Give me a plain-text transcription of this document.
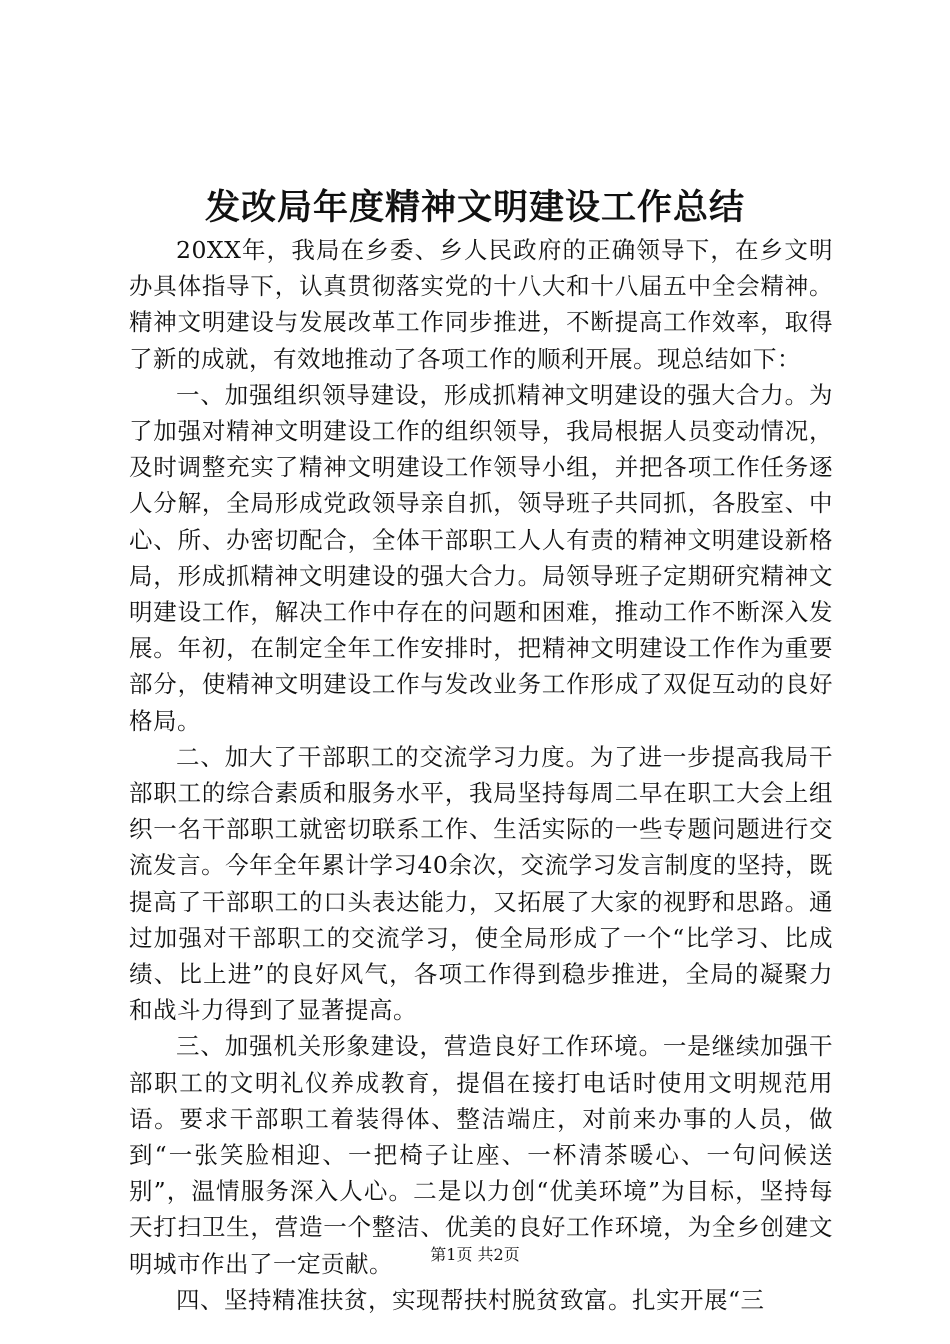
发改局年度精神文明建设工作总结

20XX年，我局在乡委、乡人民政府的正确领导下，在乡文明办具体指导下，认真贯彻落实党的十八大和十八届五中全会精神。精神文明建设与发展改革工作同步推进，不断提高工作效率，取得了新的成就，有效地推动了各项工作的顺利开展。现总结如下：

一、加强组织领导建设，形成抓精神文明建设的强大合力。为了加强对精神文明建设工作的组织领导，我局根据人员变动情况，及时调整充实了精神文明建设工作领导小组，并把各项工作任务逐人分解，全局形成党政领导亲自抓，领导班子共同抓，各股室、中心、所、办密切配合，全体干部职工人人有责的精神文明建设新格局，形成抓精神文明建设的强大合力。局领导班子定期研究精神文明建设工作，解决工作中存在的问题和困难，推动工作不断深入发展。年初，在制定全年工作安排时，把精神文明建设工作作为重要部分，使精神文明建设工作与发改业务工作形成了双促互动的良好格局。

二、加大了干部职工的交流学习力度。为了进一步提高我局干部职工的综合素质和服务水平，我局坚持每周二早在职工大会上组织一名干部职工就密切联系工作、生活实际的一些专题问题进行交流发言。今年全年累计学习40余次，交流学习发言制度的坚持，既提高了干部职工的口头表达能力，又拓展了大家的视野和思路。通过加强对干部职工的交流学习，使全局形成了一个“比学习、比成绩、比上进”的良好风气，各项工作得到稳步推进，全局的凝聚力和战斗力得到了显著提高。

三、加强机关形象建设，营造良好工作环境。一是继续加强干部职工的文明礼仪养成教育，提倡在接打电话时使用文明规范用语。要求干部职工着装得体、整洁端庄，对前来办事的人员，做到“一张笑脸相迎、一把椅子让座、一杯清茶暖心、一句问候送别”，温情服务深入人心。二是以力创“优美环境”为目标，坚持每天打扫卫生，营造一个整洁、优美的良好工作环境，为全乡创建文明城市作出了一定贡献。

四、坚持精准扶贫，实现帮扶村脱贫致富。扎实开展“三

第1页 共2页
